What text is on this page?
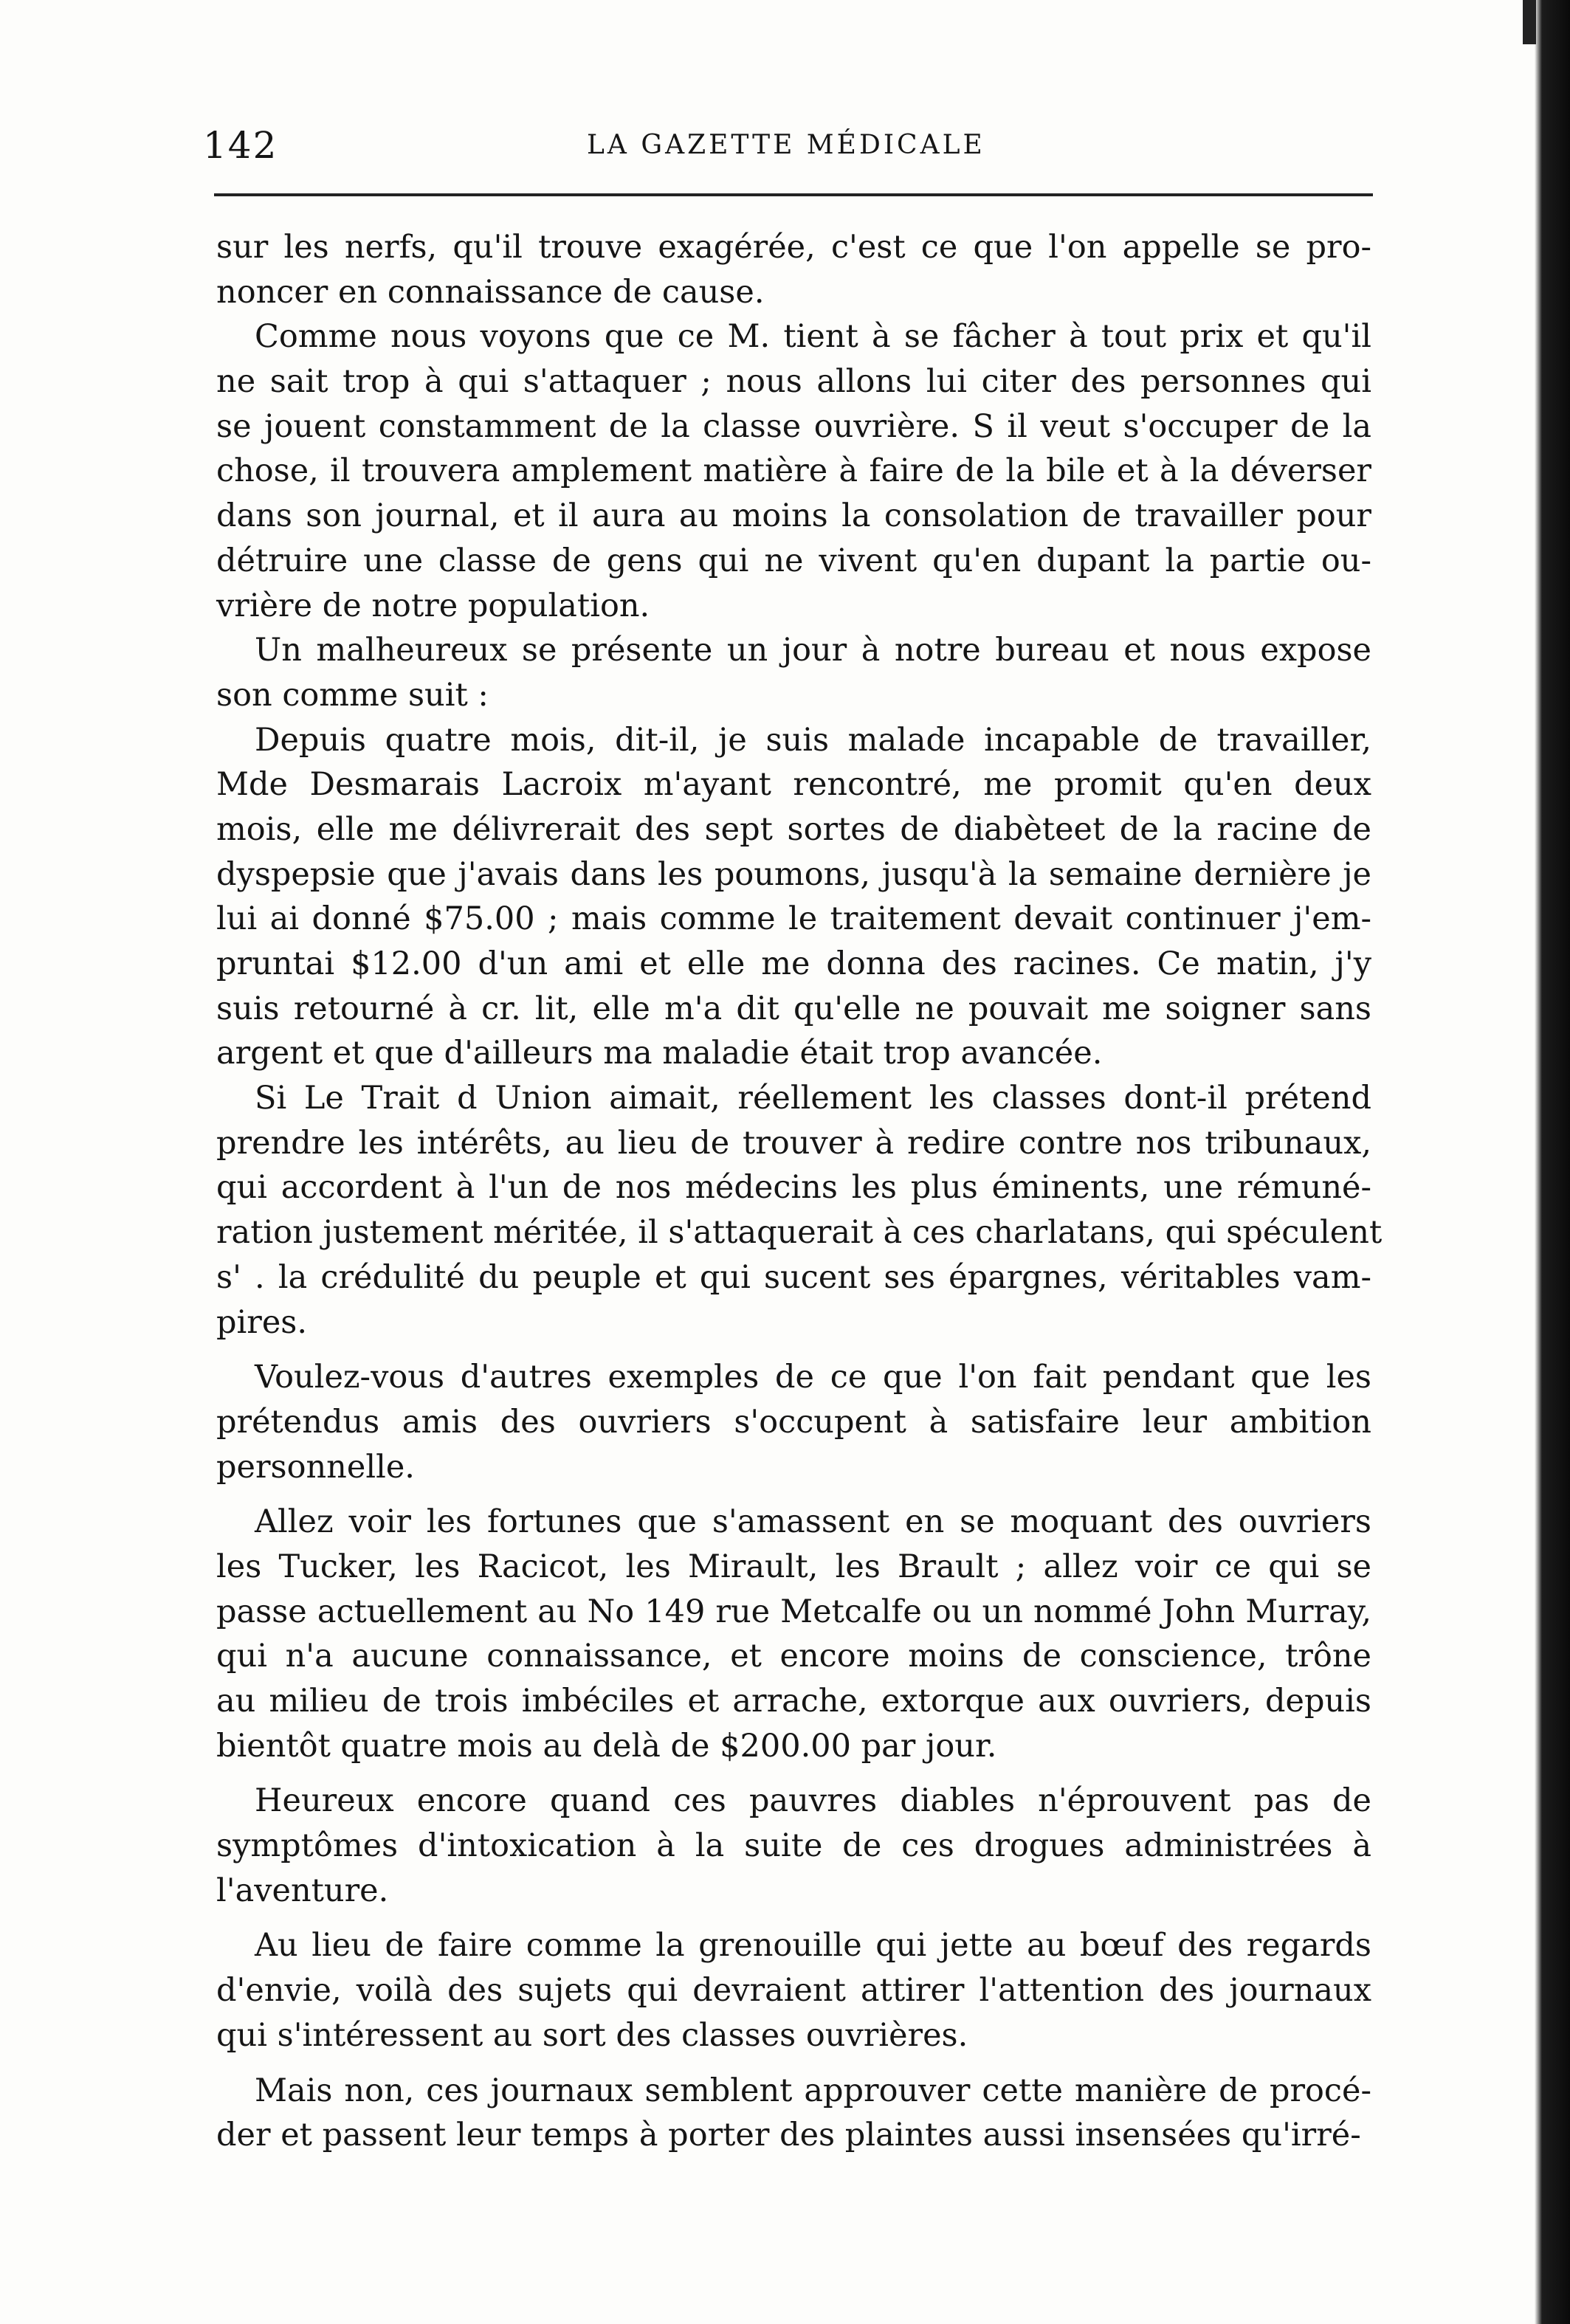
142	LA GAZETTE MÉDICALE
sur les nerfs, qu'il trouve exagérée, c'est ce que l'on appelle se pro-
noncer en connaissance de cause.
Comme nous voyons que ce M. tient à se fâcher à tout prix et qu'il
ne sait trop à qui s'attaquer ; nous allons lui citer des personnes qui
se jouent constamment de la classe ouvrière. S il veut s'occuper de la
chose, il trouvera amplement matière à faire de la bile et à la déverser
dans son journal, et il aura au moins la consolation de travailler pour
détruire une classe de gens qui ne vivent qu'en dupant la partie ou-
vrière de notre population.
Un malheureux se présente un jour à notre bureau et nous expose
son comme suit :
Depuis quatre mois, dit-il, je suis malade incapable de travailler,
Mde Desmarais Lacroix m'ayant rencontré, me promit qu'en deux
mois, elle me délivrerait des sept sortes de diabèteet de la racine de
dyspepsie que j'avais dans les poumons, jusqu'à la semaine dernière je
lui ai donné $75.00 ; mais comme le traitement devait continuer j'em-
pruntai $12.00 d'un ami et elle me donna des racines. Ce matin, j'y
suis retourné à cr. lit, elle m'a dit qu'elle ne pouvait me soigner sans
argent et que d'ailleurs ma maladie était trop avancée.
Si Le Trait d Union aimait, réellement les classes dont-il prétend
prendre les intérêts, au lieu de trouver à redire contre nos tribunaux,
qui accordent à l'un de nos médecins les plus éminents, une rémuné-
ration justement méritée, il s'attaquerait à ces charlatans, qui spéculent
s' . la crédulité du peuple et qui sucent ses épargnes, véritables vam-
pires.
Voulez-vous d'autres exemples de ce que l'on fait pendant que les
prétendus amis des ouvriers s'occupent à satisfaire leur ambition
personnelle.
Allez voir les fortunes que s'amassent en se moquant des ouvriers
les Tucker, les Racicot, les Mirault, les Brault ; allez voir ce qui se
passe actuellement au No 149 rue Metcalfe ou un nommé John Murray,
qui n'a aucune connaissance, et encore moins de conscience, trône
au milieu de trois imbéciles et arrache, extorque aux ouvriers, depuis
bientôt quatre mois au delà de $200.00 par jour.
Heureux encore quand ces pauvres diables n'éprouvent pas de
symptômes d'intoxication à la suite de ces drogues administrées à
l'aventure.
Au lieu de faire comme la grenouille qui jette au bœuf des regards
d'envie, voilà des sujets qui devraient attirer l'attention des journaux
qui s'intéressent au sort des classes ouvrières.
Mais non, ces journaux semblent approuver cette manière de procé-
der et passent leur temps à porter des plaintes aussi insensées qu'irré-
